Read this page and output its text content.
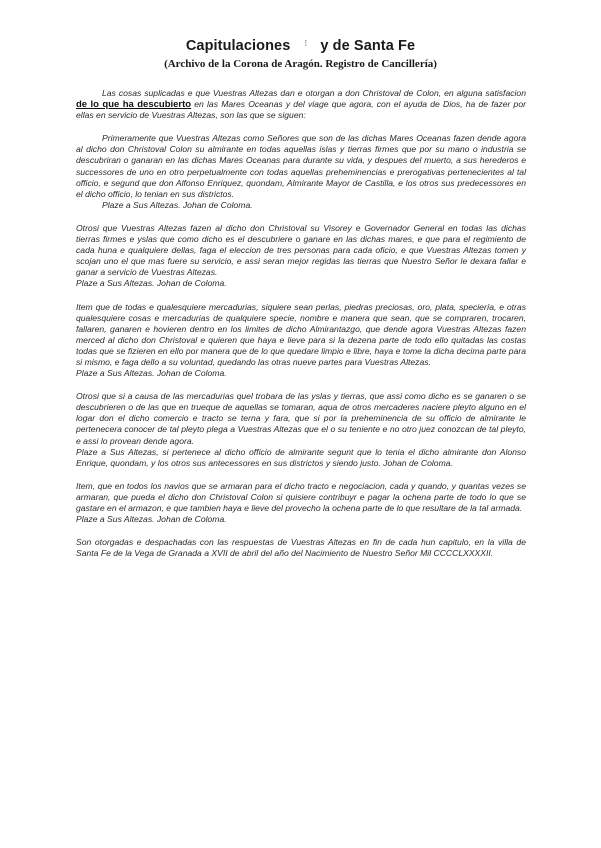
Capitulaciones ⁝ y de Santa Fe
(Archivo de la Corona de Aragón. Registro de Cancillería)

Las cosas suplicadas e que Vuestras Altezas dan e otorgan a don Christoval de Colon, en alguna satisfacion de lo que ha descubierto en las Mares Oceanas y del viage que agora, con el ayuda de Dios, ha de fazer por ellas en servicio de Vuestras Altezas, son las que se siguen:

Primeramente que Vuestras Altezas como Señores que son de las dichas Mares Oceanas fazen dende agora al dicho don Christoval Colon su almirante en todas aquellas islas y tierras firmes que por su mano o industria se descubriran o ganaran en las dichas Mares Oceanas para durante su vida, y despues del muerto, a sus herederos e successores de uno en otro perpetualmente con todas aquellas preheminencias e prerogativas pertenecientes al tal officio, e segund que don Alfonso Enriquez, quondam, Almirante Mayor de Castilla, e los otros sus predecessores en el dicho officio, lo tenian en sus districtos.
Plaze a Sus Altezas. Johan de Coloma.

Otrosi que Vuestras Altezas fazen al dicho don Christoval su Visorey e Governador General en todas las dichas tierras firmes e yslas que como dicho es el descubriere o ganare en las dichas mares, e que para el regimiento de cada huna e qualquiere dellas, faga el eleccion de tres personas para cada oficio, e que Vuestras Altezas tomen y scojan uno el que mas fuere su servicio, e assi seran mejor regidas las tierras que Nuestro Señor le dexara fallar e ganar a servicio de Vuestras Altezas.
Plaze a Sus Altezas. Johan de Coloma.

Item que de todas e qualesquiere mercadurias, siquiere sean perlas, piedras preciosas, oro, plata, speciería, e otras qualesquiere cosas e mercadurias de qualquiere specie, nombre e manera que sean, que se compraren, trocaren, fallaren, ganaren e hovieren dentro en los limites de dicho Almirantazgo, que dende agora Vuestras Altezas fazen merced al dicho don Christoval e quieren que haya e lieve para si la dezena parte de todo ello quitadas las costas todas que se fizieren en ello por manera que de lo que quedare limpio e libre, haya e tome la dicha decima parte para si mismo, e faga dello a su voluntad, quedando las otras nueve partes para Vuestras Altezas.
Plaze a Sus Altezas. Johan de Coloma.

Otrosi que si a causa de las mercadurias quel trobara de las yslas y tierras, que assi como dicho es se ganaren o se descubrieren o de las que en trueque de aquellas se tomaran, aqua de otros mercaderes naciere pleyto alguno en el logar don el dicho comercio e tracto se terna y fara, que si por la preheminencia de su officio de almirante le pertenecera conocer de tal pleyto plega a Vuestras Altezas que el o su teniente e no otro juez conozcan de tal pleyto, e assi lo provean dende agora.
Plaze a Sus Altezas, si pertenece al dicho officio de almirante segunt que lo tenia el dicho almirante don Alonso Enrique, quondam, y los otros sus antecessores en sus districtos y siendo justo. Johan de Coloma.

Item, que en todos los navios que se armaran para el dicho tracto e negociacion, cada y quando, y quantas vezes se armaran, que pueda el dicho don Christoval Colon si quisiere contribuyr e pagar la ochena parte de todo lo que se gastare en el armazon, e que tambien haya e lieve del provecho la ochena parte de lo que resultare de la tal armada.
Plaze a Sus Altezas. Johan de Coloma.

Son otorgadas e despachadas con las respuestas de Vuestras Altezas en fin de cada hun capitulo, en la villa de Santa Fe de la Vega de Granada a XVII de abril del año del Nacimiento de Nuestro Señor Mil CCCCLXXXXII.
